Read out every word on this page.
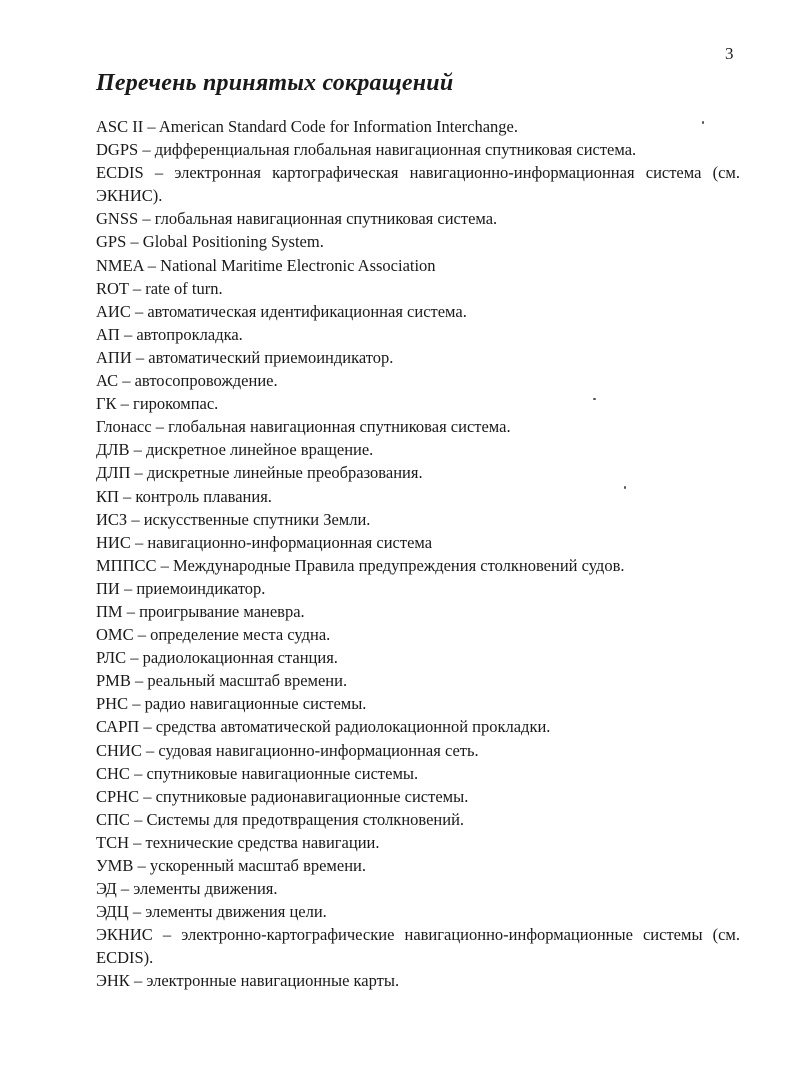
3
Перечень принятых сокращений
ASC II – American Standard Code for Information Interchange.
DGPS – дифференциальная глобальная навигационная спутниковая система.
ECDIS – электронная картографическая навигационно-информационная система (см. ЭКНИС).
GNSS – глобальная навигационная спутниковая система.
GPS – Global Positioning System.
NMEA – National Maritime Electronic Association
ROT – rate of turn.
АИС – автоматическая идентификационная система.
АП – автопрокладка.
АПИ – автоматический приемоиндикатор.
АС – автосопровождение.
ГК – гирокомпас.
Глонасс – глобальная навигационная спутниковая система.
ДЛВ – дискретное линейное вращение.
ДЛП – дискретные линейные преобразования.
КП – контроль плавания.
ИСЗ – искусственные спутники Земли.
НИС – навигационно-информационная система
МППСС – Международные Правила предупреждения столкновений судов.
ПИ – приемоиндикатор.
ПМ – проигрывание маневра.
ОМС – определение места судна.
РЛС – радиолокационная станция.
РМВ – реальный масштаб времени.
РНС – радио навигационные системы.
САРП – средства автоматической радиолокационной прокладки.
СНИС – судовая навигационно-информационная сеть.
СНС – спутниковые навигационные системы.
СРНС – спутниковые радионавигационные системы.
СПС – Системы для предотвращения столкновений.
ТСН – технические средства навигации.
УМВ – ускоренный масштаб времени.
ЭД – элементы движения.
ЭДЦ – элементы движения цели.
ЭКНИС – электронно-картографические навигационно-информационные системы (см. ECDIS).
ЭНК – электронные навигационные карты.
